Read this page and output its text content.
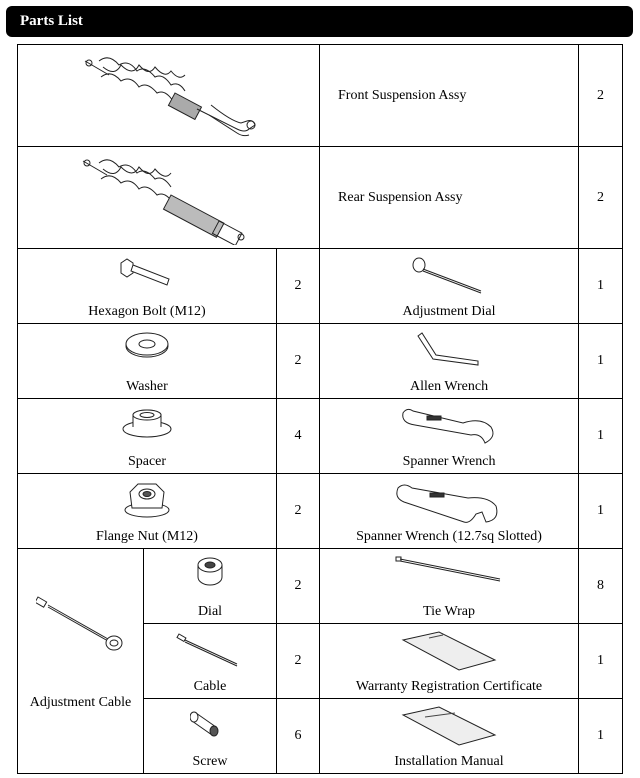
Parts List
	Front Suspension Assy	2

	Rear Suspension Assy	2

Hexagon Bolt (M12)		2	Adjustment Dial	1

Washer		2	Allen Wrench	1

Spacer		4	Spanner Wrench	1

Flange Nut (M12)		2	Spanner Wrench (12.7sq Slotted)	1

Adjustment Cable	Dial	2	Tie Wrap	8

	Cable	2	Warranty Registration Certificate	1

	Screw	6	Installation Manual	1
